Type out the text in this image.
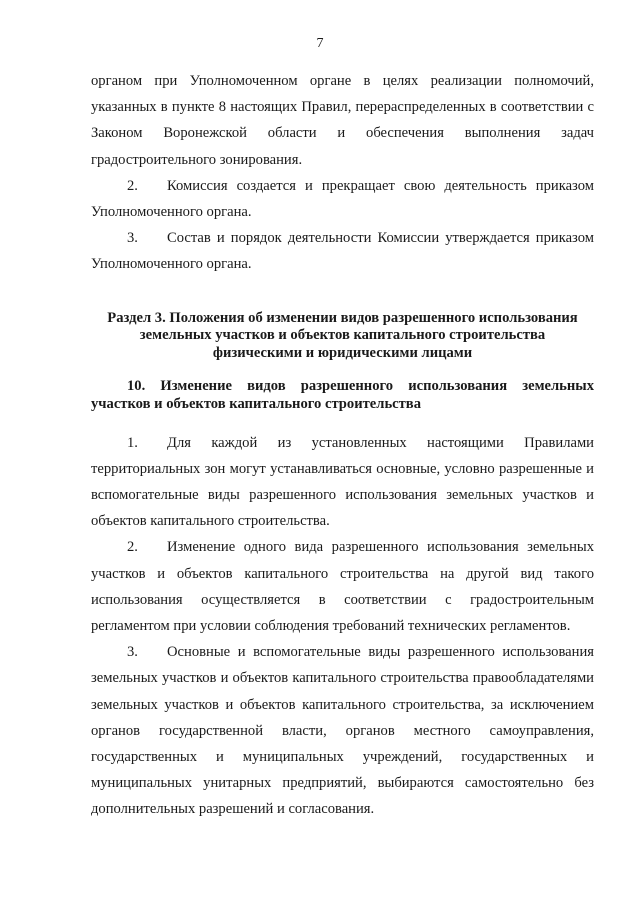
7

органом при Уполномоченном органе в целях реализации полномочий, указанных в пункте 8 настоящих Правил, перераспределенных в соответствии с Законом Воронежской области и обеспечения выполнения задач градостроительного зонирования.

2. Комиссия создается и прекращает свою деятельность приказом Уполномоченного органа.

3. Состав и порядок деятельности Комиссии утверждается приказом Уполномоченного органа.

Раздел 3. Положения об изменении видов разрешенного использования

земельных участков и объектов капитального строительства

физическими и юридическими лицами

10. Изменение видов разрешенного использования земельных участков и объектов капитального строительства

1. Для каждой из установленных настоящими Правилами территориальных зон могут устанавливаться основные, условно разрешенные и вспомогательные виды разрешенного использования земельных участков и объектов капитального строительства.

2. Изменение одного вида разрешенного использования земельных участков и объектов капитального строительства на другой вид такого использования осуществляется в соответствии с градостроительным регламентом при условии соблюдения требований технических регламентов.

3. Основные и вспомогательные виды разрешенного использования земельных участков и объектов капитального строительства правообладателями земельных участков и объектов капитального строительства, за исключением органов государственной власти, органов местного самоуправления, государственных и муниципальных учреждений, государственных и муниципальных унитарных предприятий, выбираются самостоятельно без дополнительных разрешений и согласования.
